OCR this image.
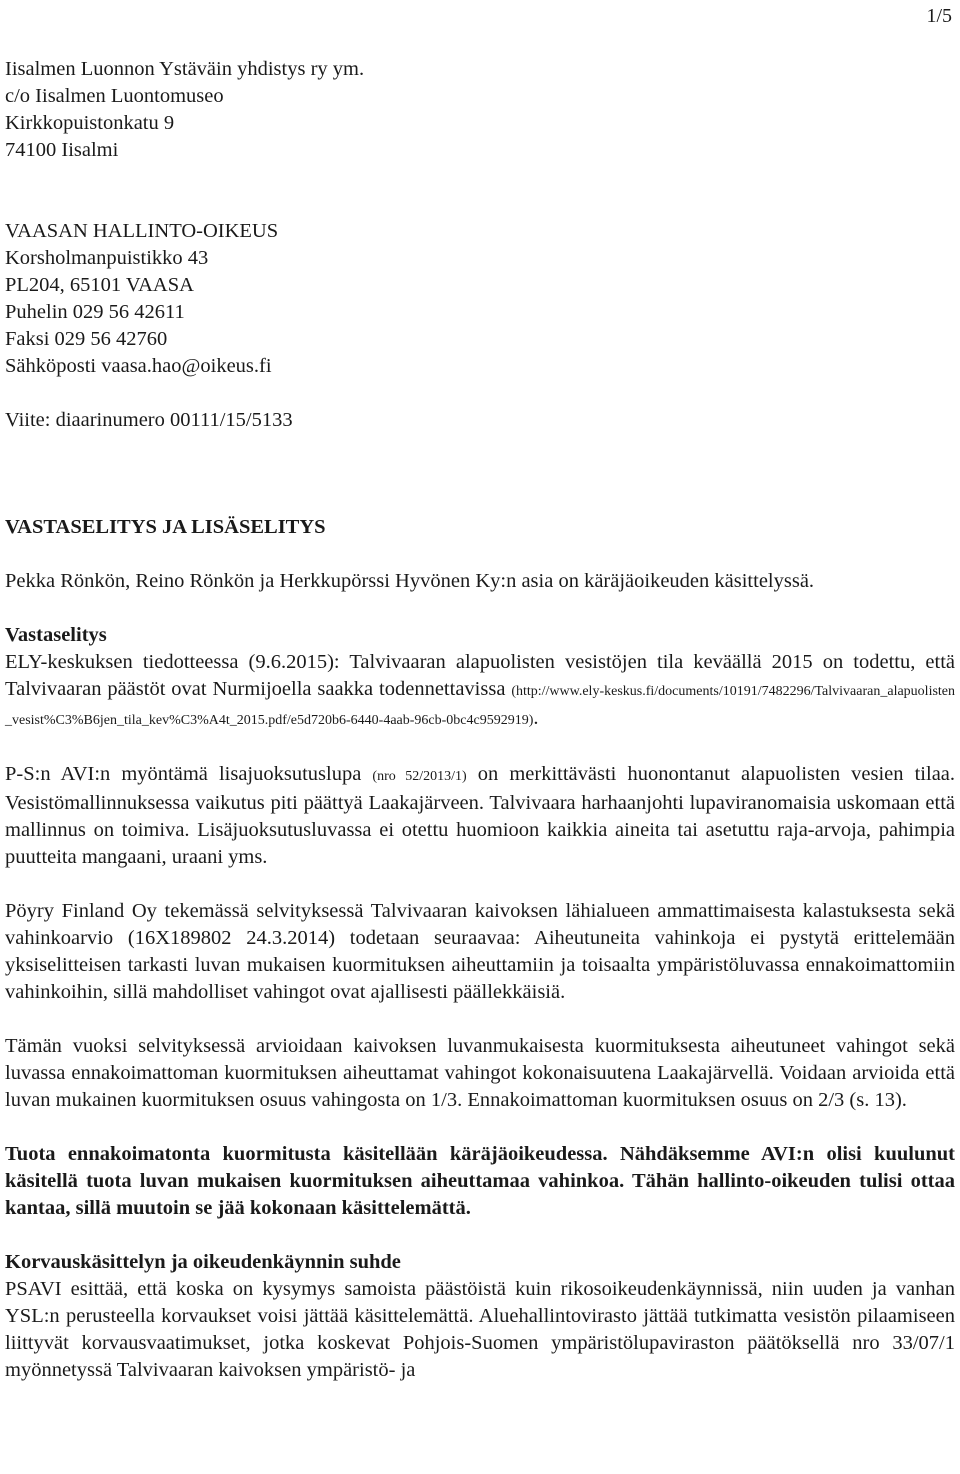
1/5
Iisalmen Luonnon Ystäväin yhdistys ry ym.
c/o Iisalmen Luontomuseo
Kirkkopuistonkatu 9
74100 Iisalmi
VAASAN HALLINTO-OIKEUS
Korsholmanpuistikko 43
PL204, 65101 VAASA
Puhelin 029 56 42611
Faksi 029 56 42760
Sähköposti vaasa.hao@oikeus.fi
Viite: diaarinumero 00111/15/5133
VASTASELITYS JA LISÄSELITYS

Pekka Rönkön, Reino Rönkön ja Herkkupörssi Hyvönen Ky:n asia on käräjäoikeuden käsittelyssä.

Vastaselitys

ELY-keskuksen tiedotteessa (9.6.2015): Talvivaaran alapuolisten vesistöjen tila keväällä 2015 on todettu, että Talvivaaran päästöt ovat Nurmijoella saakka todennettavissa (http://www.ely-keskus.fi/documents/10191/7482296/Talvivaaran_alapuolisten_vesist%C3%B6jen_tila_kev%C3%A4t_2015.pdf/e5d720b6-6440-4aab-96cb-0bc4c9592919).

P-S:n AVI:n myöntämä lisajuoksutuslupa (nro 52/2013/1) on merkittävästi huonontanut alapuolisten vesien tilaa. Vesistömallinnuksessa vaikutus piti päättyä Laakajärveen. Talvivaara harhaanjohti lupaviranomaisia uskomaan että mallinnus on toimiva. Lisäjuoksutusluvassa ei otettu huomioon kaikkia aineita tai asetuttu raja-arvoja, pahimpia puutteita mangaani, uraani yms.

Pöyry Finland Oy tekemässä selvityksessä Talvivaaran kaivoksen lähialueen ammattimaisesta kalastuksesta sekä vahinkoarvio (16X189802 24.3.2014) todetaan seuraavaa: Aiheutuneita vahinkoja ei pystytä erittelemään yksiselitteisen tarkasti luvan mukaisen kuormituksen aiheuttamiin ja toisaalta ympäristöluvassa ennakoimattomiin vahinkoihin, sillä mahdolliset vahingot ovat ajallisesti päällekkäisiä.

Tämän vuoksi selvityksessä arvioidaan kaivoksen luvanmukaisesta kuormituksesta aiheutuneet vahingot sekä luvassa ennakoimattoman kuormituksen aiheuttamat vahingot kokonaisuutena Laakajärvellä. Voidaan arvioida että luvan mukainen kuormituksen osuus vahingosta on 1/3. Ennakoimattoman kuormituksen osuus on 2/3 (s. 13).

Tuota ennakoimatonta kuormitusta käsitellään käräjäoikeudessa. Nähdäksemme AVI:n olisi kuulunut käsitellä tuota luvan mukaisen kuormituksen aiheuttamaa vahinkoa. Tähän hallinto-oikeuden tulisi ottaa kantaa, sillä muutoin se jää kokonaan käsittelemättä.

Korvauskäsittelyn ja oikeudenkäynnin suhde

PSAVI esittää, että koska on kysymys samoista päästöistä kuin rikosoikeudenkäynnissä, niin uuden ja vanhan YSL:n perusteella korvaukset voisi jättää käsittelemättä. Aluehallintovirasto jättää tutkimatta vesistön pilaamiseen liittyvät korvausvaatimukset, jotka koskevat Pohjois-Suomen ympäristölupaviraston päätöksellä nro 33/07/1 myönnetyssä Talvivaaran kaivoksen ympäristö- ja
